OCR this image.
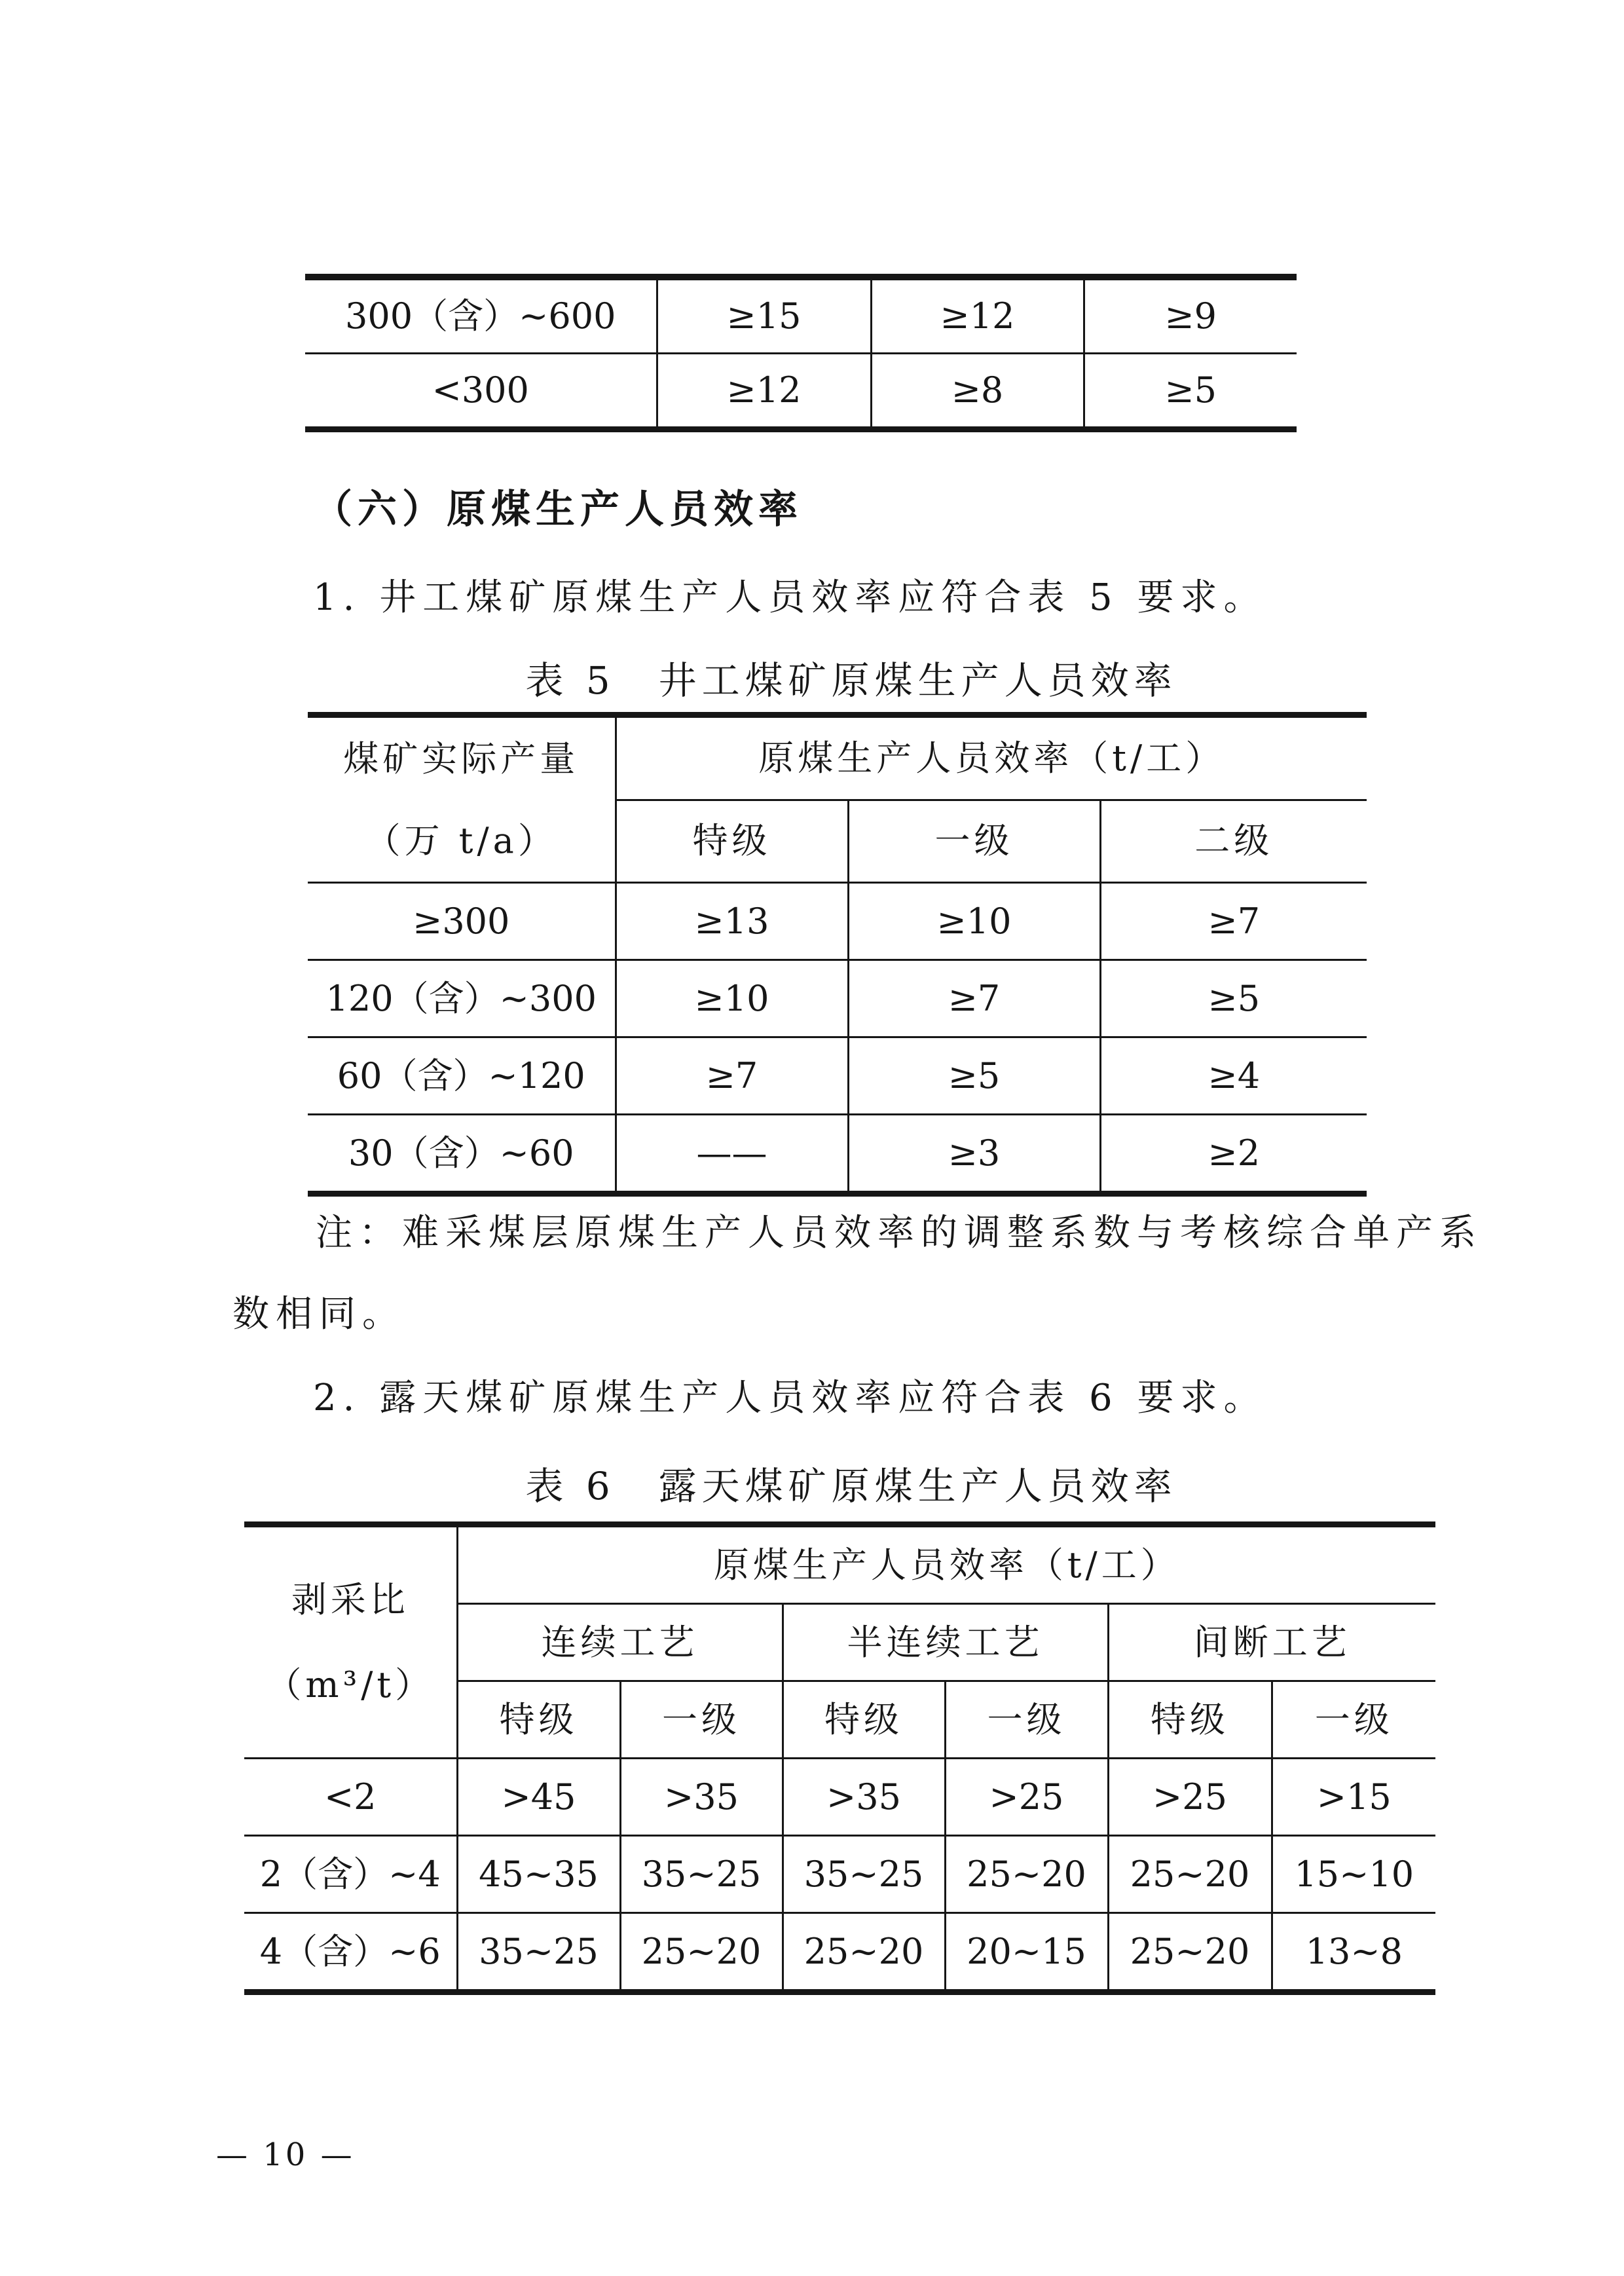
300（含）~600	≥15	≥12	≥9
<300	≥12	≥8	≥5
（六）原煤生产人员效率
1. 井工煤矿原煤生产人员效率应符合表 5 要求。
表 5　井工煤矿原煤生产人员效率
煤矿实际产量
（万 t/a）	原煤生产人员效率（t/工）		
	特级	一级	二级
≥300	≥13	≥10	≥7
120（含）~300	≥10	≥7	≥5
60（含）~120	≥7	≥5	≥4
30（含）~60	——	≥3	≥2
注：难采煤层原煤生产人员效率的调整系数与考核综合单产系
数相同。
2. 露天煤矿原煤生产人员效率应符合表 6 要求。
表 6　露天煤矿原煤生产人员效率
剥采比
（m³/t）	原煤生产人员效率（t/工）					
	连续工艺		半连续工艺		间断工艺	
	特级	一级	特级	一级	特级	一级
<2	>45	>35	>35	>25	>25	>15
2（含）~4	45~35	35~25	35~25	25~20	25~20	15~10
4（含）~6	35~25	25~20	25~20	20~15	25~20	13~8
— 10 —
